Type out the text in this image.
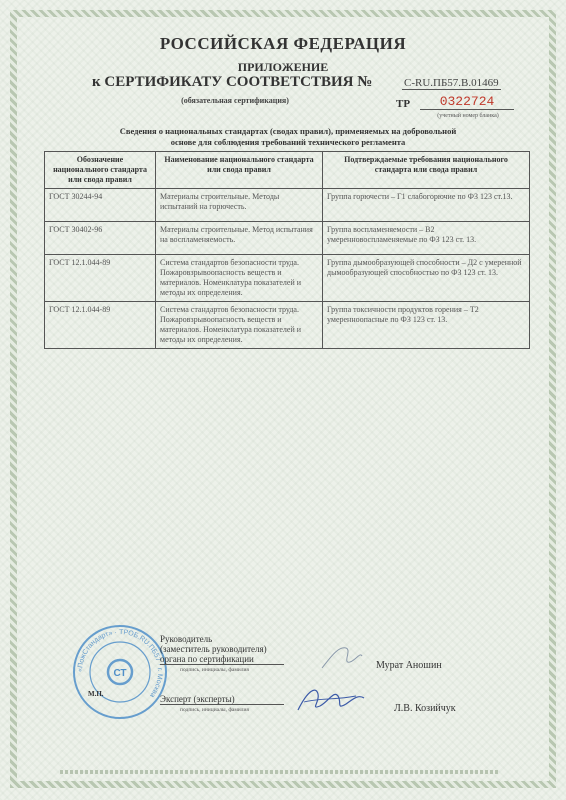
РОССИЙСКАЯ ФЕДЕРАЦИЯ
ПРИЛОЖЕНИЕ
к СЕРТИФИКАТУ СООТВЕТСТВИЯ №	С-RU.ПБ57.В.01469
(обязательная сертификация)	ТР	0322724
(учетный номер бланка)
Сведения о национальных стандартах (сводах правил), применяемых на добровольной
основе для соблюдения требований технического регламента
Обозначение национального стандарта или свода правил	Наименование национального стандарта или свода правил	Подтверждаемые требования национального стандарта или свода правил
ГОСТ 30244-94	Материалы строительные. Методы испытаний на горючесть.	Группа горючести – Г1 слабогорючие по ФЗ 123 ст.13.
ГОСТ 30402-96	Материалы строительные. Метод испытания на воспламеняемость.	Группа воспламеняемости – В2 умеренновоспламеняемые по ФЗ 123 ст. 13.
ГОСТ 12.1.044-89	Система стандартов безопасности труда. Пожаровзрывоопасность веществ и материалов. Номенклатура показателей и методы их определения.	Группа дымообразующей способности – Д2 с умеренной дымообразующей способностью по ФЗ 123 ст. 13.
ГОСТ 12.1.044-89	Система стандартов безопасности труда. Пожаровзрывоопасность веществ и материалов. Номенклатура показателей и методы их определения.	Группа токсичности продуктов горения – Т2 умеренноопасные по ФЗ 123 ст. 13.
«ПожСтандарт» · ТРОБ.RU.ПБ57 · г. Москва
СТ
М.П.
Руководитель
(заместитель руководителя)
органа по сертификации
подпись, инициалы, фамилия	Мурат Аношин
Эксперт (эксперты)
подпись, инициалы, фамилия	Л.В. Козийчук
